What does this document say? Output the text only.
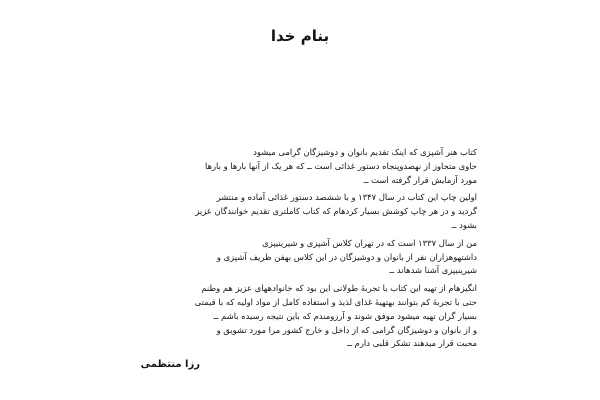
بنام خدا

کتاب هنر آشپزی که اینک تقدیم بانوان و دوشیزگان گرامی میشود
حاوی متجاوز از نهصدوپنجاه دستور غذائی است ــ که هر یک از آنها بارها و بارها
مورد آزمایش قرار گرفته است ــ

اولین چاپ این کتاب در سال ۱۳۴۷ و با ششصد دستور غذائی آماده و منتشر
گردید و در هر چاپ کوشش بسیار کردهام که کتاب کاملتری تقدیم خوانندگان عزیز
بشود ــ

من از سال ۱۳۳۷ است که در تهران کلاس آشپزی و شیرینیپزی
داشتهوهزاران نفر از بانوان و دوشیزگان در این کلاس بهفن ظریف آشپزی و
شیرینیپزی آشنا شدهاند ــ

انگیزهام از تهیه این کتاب با تجربهٔ طولانی این بود که خانوادههای عزیز هم وطنم
حتی با تجربهٔ کم بتوانند بهتهیهٔ غذای لذیذ و استفاده کامل از مواد اولیه که با قیمتی
بسیار گران تهیه میشود موفق شوند و آرزومندم که باین نتیجه رسیده باشم ــ

و از بانوان و دوشیزگان گرامی که از داخل و خارج کشور مرا مورد تشویق و
محبت قرار میدهند تشکر قلبی دارم ــ

رزا منتظمی
